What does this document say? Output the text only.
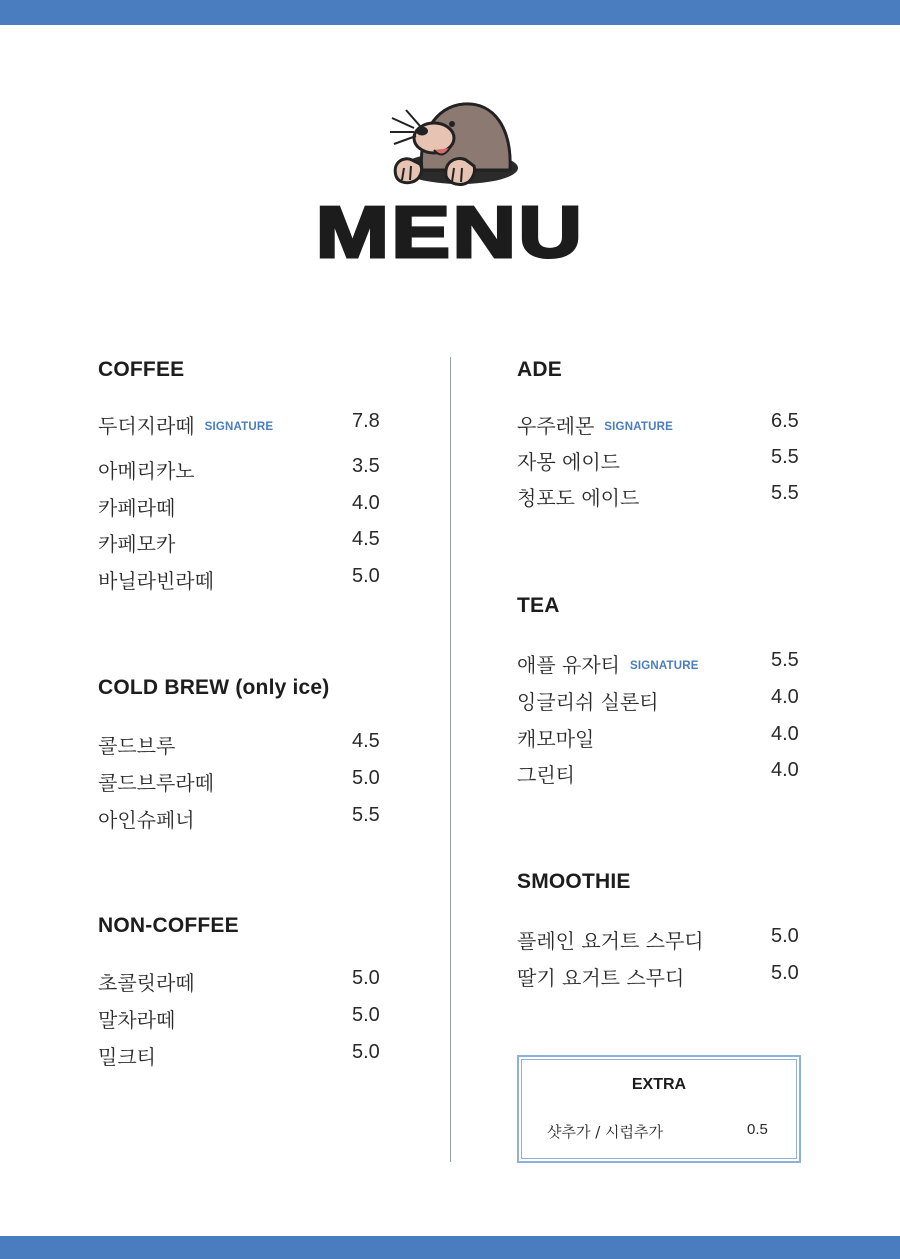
MENU
COFFEE
두더지라떼 SIGNATURE	7.8
아메리카노	3.5
카페라떼	4.0
카페모카	4.5
바닐라빈라떼	5.0
COLD BREW (only ice)
콜드브루	4.5
콜드브루라떼	5.0
아인슈페너	5.5
NON-COFFEE
초콜릿라떼	5.0
말차라떼	5.0
밀크티	5.0
ADE
우주레몬 SIGNATURE	6.5
자몽 에이드	5.5
청포도 에이드	5.5
TEA
애플 유자티 SIGNATURE	5.5
잉글리쉬 실론티	4.0
캐모마일	4.0
그린티	4.0
SMOOTHIE
플레인 요거트 스무디	5.0
딸기 요거트 스무디	5.0
EXTRA
샷추가 / 시럽추가	0.5
